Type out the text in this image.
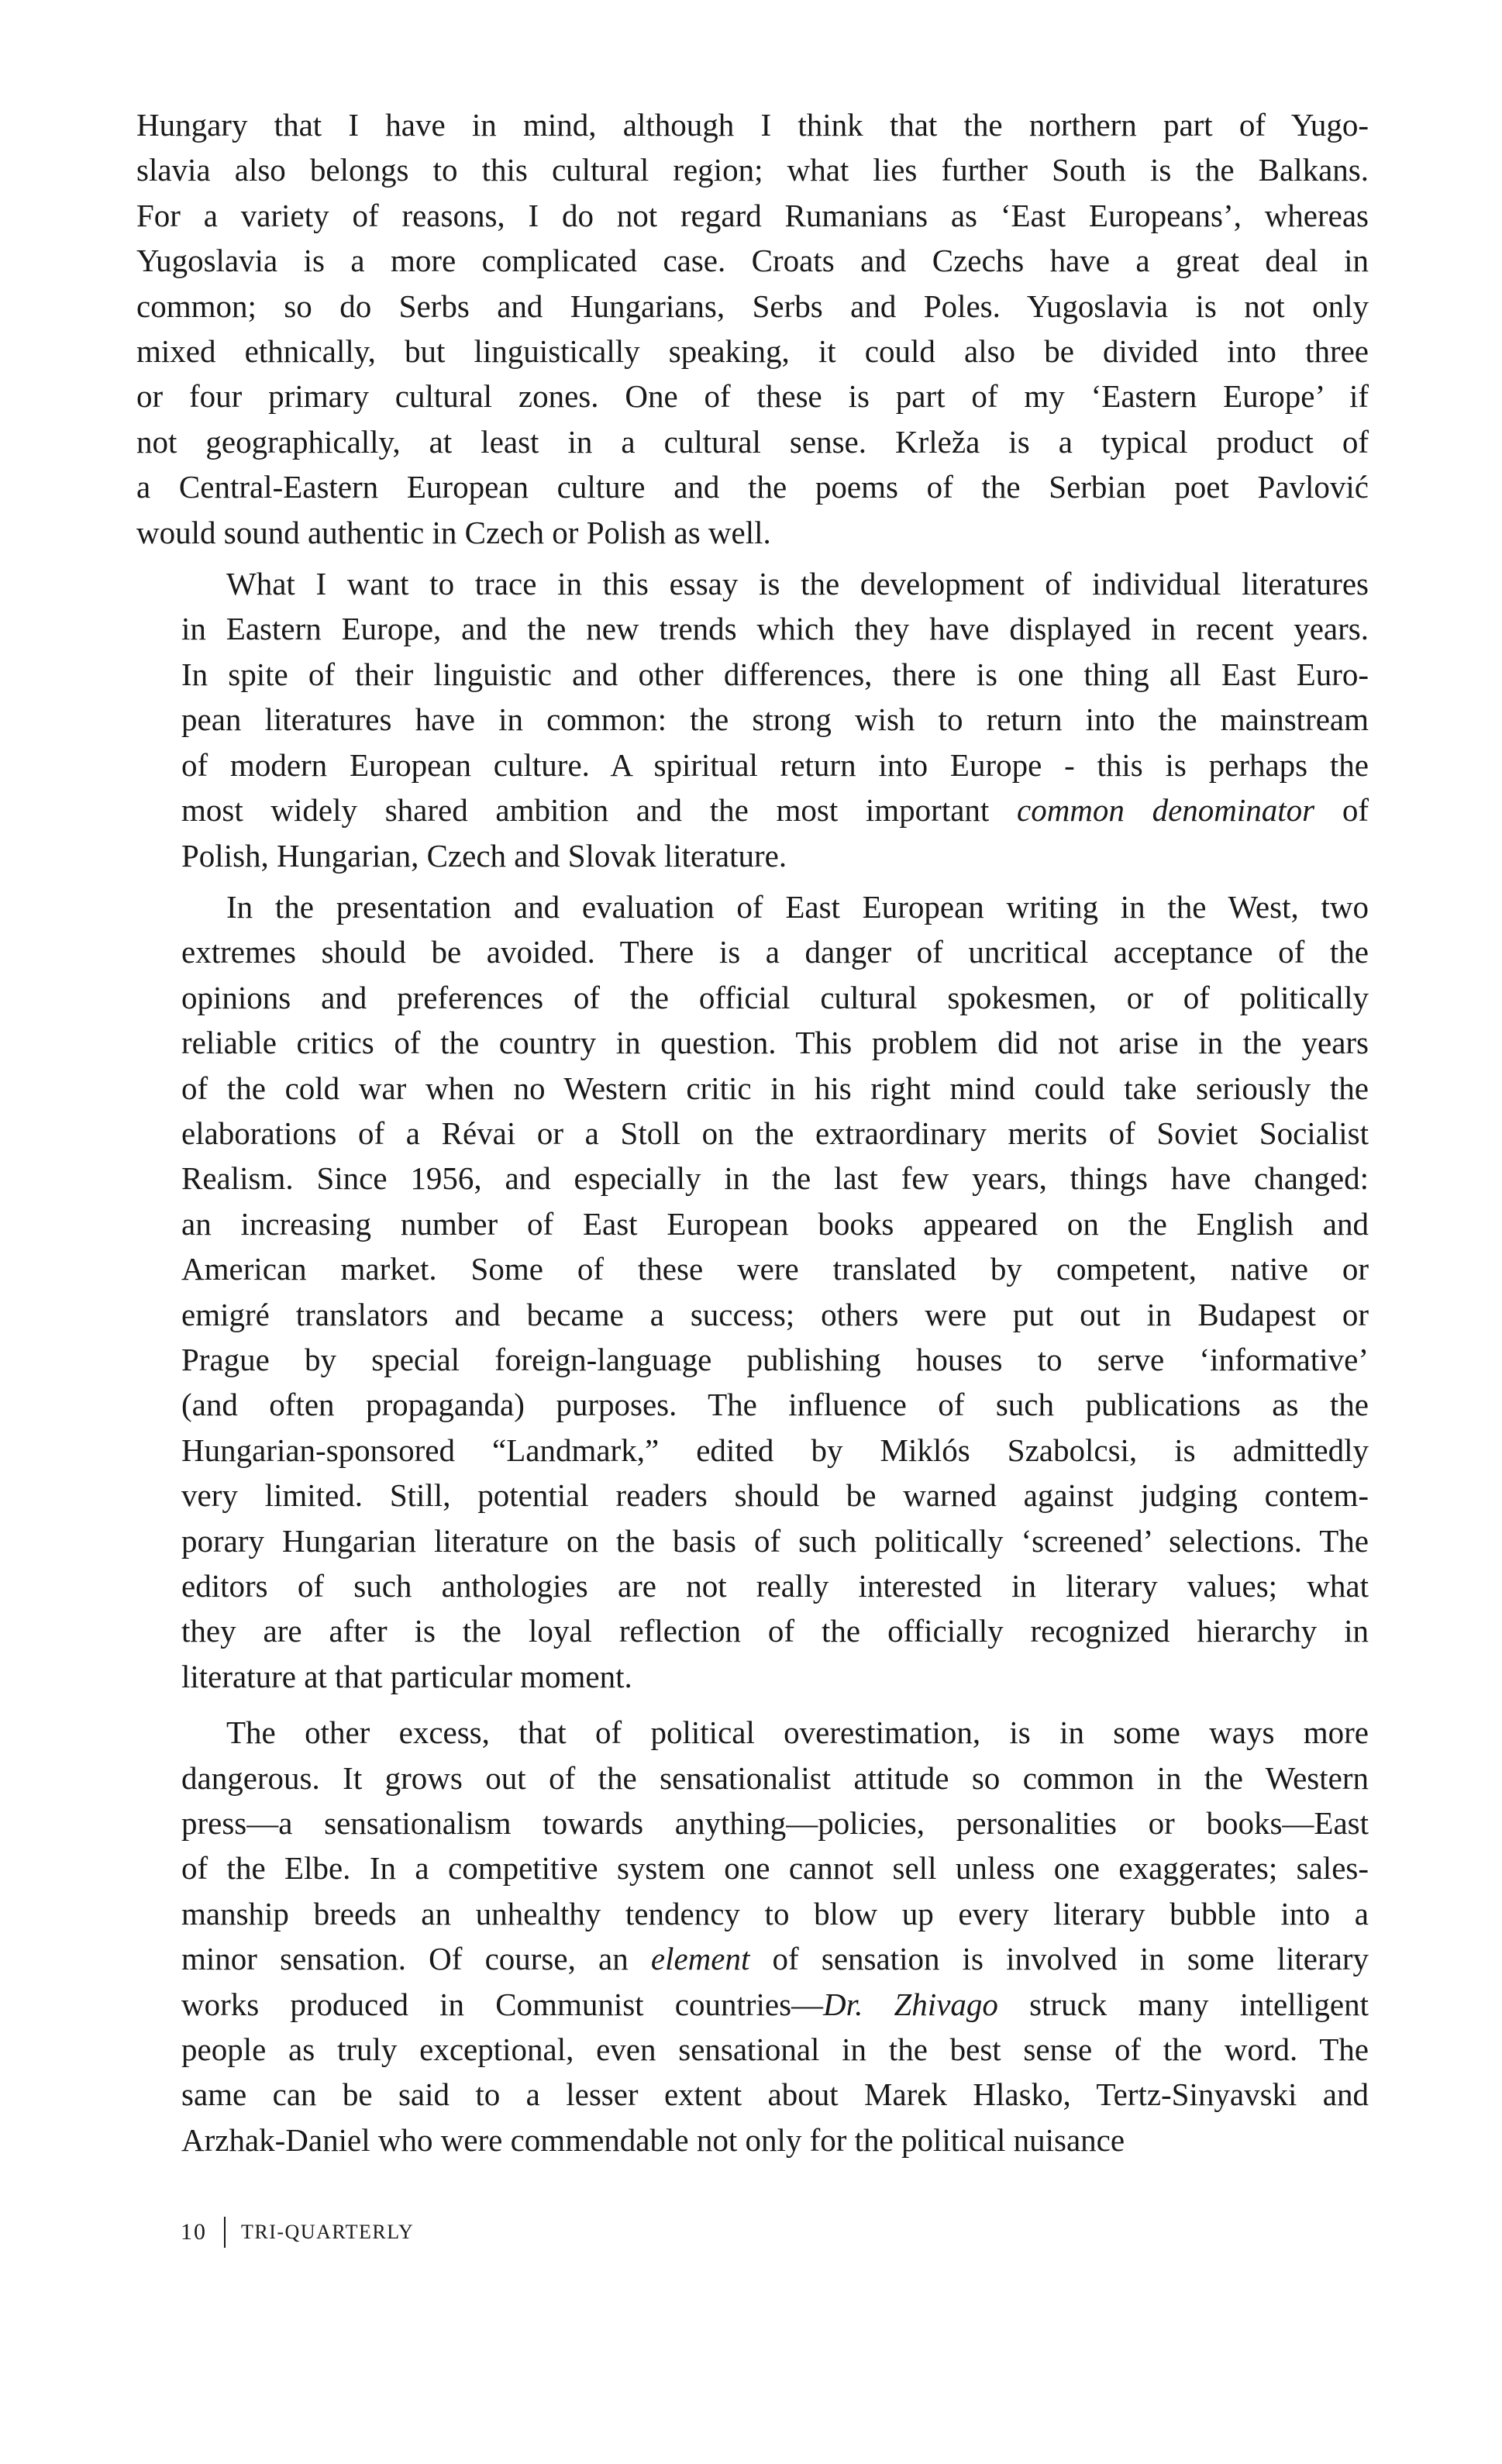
Hungary that I have in mind, although I think that the northern part of Yugo-
slavia also belongs to this cultural region; what lies further South is the Balkans.
For a variety of reasons, I do not regard Rumanians as ‘East Europeans’, whereas
Yugoslavia is a more complicated case. Croats and Czechs have a great deal in
common; so do Serbs and Hungarians, Serbs and Poles. Yugoslavia is not only
mixed ethnically, but linguistically speaking, it could also be divided into three
or four primary cultural zones. One of these is part of my ‘Eastern Europe’ if
not geographically, at least in a cultural sense. Krleža is a typical product of
a Central-Eastern European culture and the poems of the Serbian poet Pavlović
would sound authentic in Czech or Polish as well.
What I want to trace in this essay is the development of individual literatures
in Eastern Europe, and the new trends which they have displayed in recent years.
In spite of their linguistic and other differences, there is one thing all East Euro-
pean literatures have in common: the strong wish to return into the mainstream
of modern European culture. A spiritual return into Europe - this is perhaps the
most widely shared ambition and the most important common denominator of
Polish, Hungarian, Czech and Slovak literature.
In the presentation and evaluation of East European writing in the West, two
extremes should be avoided. There is a danger of uncritical acceptance of the
opinions and preferences of the official cultural spokesmen, or of politically
reliable critics of the country in question. This problem did not arise in the years
of the cold war when no Western critic in his right mind could take seriously the
elaborations of a Révai or a Stoll on the extraordinary merits of Soviet Socialist
Realism. Since 1956, and especially in the last few years, things have changed:
an increasing number of East European books appeared on the English and
American market. Some of these were translated by competent, native or
emigré translators and became a success; others were put out in Budapest or
Prague by special foreign-language publishing houses to serve ‘informative’
(and often propaganda) purposes. The influence of such publications as the
Hungarian-sponsored “Landmark,” edited by Miklós Szabolcsi, is admittedly
very limited. Still, potential readers should be warned against judging contem-
porary Hungarian literature on the basis of such politically ‘screened’ selections. The
editors of such anthologies are not really interested in literary values; what
they are after is the loyal reflection of the officially recognized hierarchy in
literature at that particular moment.
The other excess, that of political overestimation, is in some ways more
dangerous. It grows out of the sensationalist attitude so common in the Western
press—a sensationalism towards anything—policies, personalities or books—East
of the Elbe. In a competitive system one cannot sell unless one exaggerates; sales-
manship breeds an unhealthy tendency to blow up every literary bubble into a
minor sensation. Of course, an element of sensation is involved in some literary
works produced in Communist countries—Dr. Zhivago struck many intelligent
people as truly exceptional, even sensational in the best sense of the word. The
same can be said to a lesser extent about Marek Hlasko, Tertz-Sinyavski and
Arzhak-Daniel who were commendable not only for the political nuisance
10 TRI-QUARTERLY
